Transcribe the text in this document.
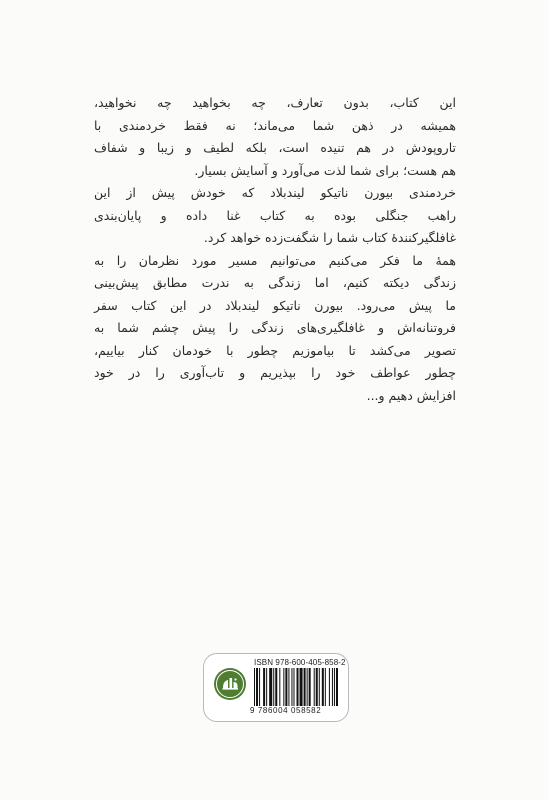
این کتاب، بدون تعارف، چه بخواهید چه نخواهید،
همیشه در ذهن شما می‌ماند؛ نه فقط خردمندی با
تاروپودش در هم تنیده است، بلکه لطیف و زیبا و شفاف
هم هست؛ برای شما لذت می‌آورد و آسایش بسیار.
خردمندی بیورن ناتیکو لیندبلاد که خودش پیش از این
راهب جنگلی بوده به کتاب غنا داده و پایان‌بندی
غافلگیرکنندهٔ کتاب شما را شگفت‌زده خواهد کرد.
همهٔ ما فکر می‌کنیم می‌توانیم مسیر مورد نظرمان را به
زندگی دیکته کنیم، اما زندگی به ندرت مطابق پیش‌بینی
ما پیش می‌رود. بیورن ناتیکو لیندبلاد در این کتاب سفر
فروتنانه‌اش و غافلگیری‌های زندگی را پیش چشم شما به
تصویر می‌کشد تا بیاموزیم چطور با خودمان کنار بیاییم،
چطور عواطف خود را بپذیریم و تاب‌آوری را در خود
افزایش دهیم و...
ISBN 978-600-405-858-2
9 786004 058582
